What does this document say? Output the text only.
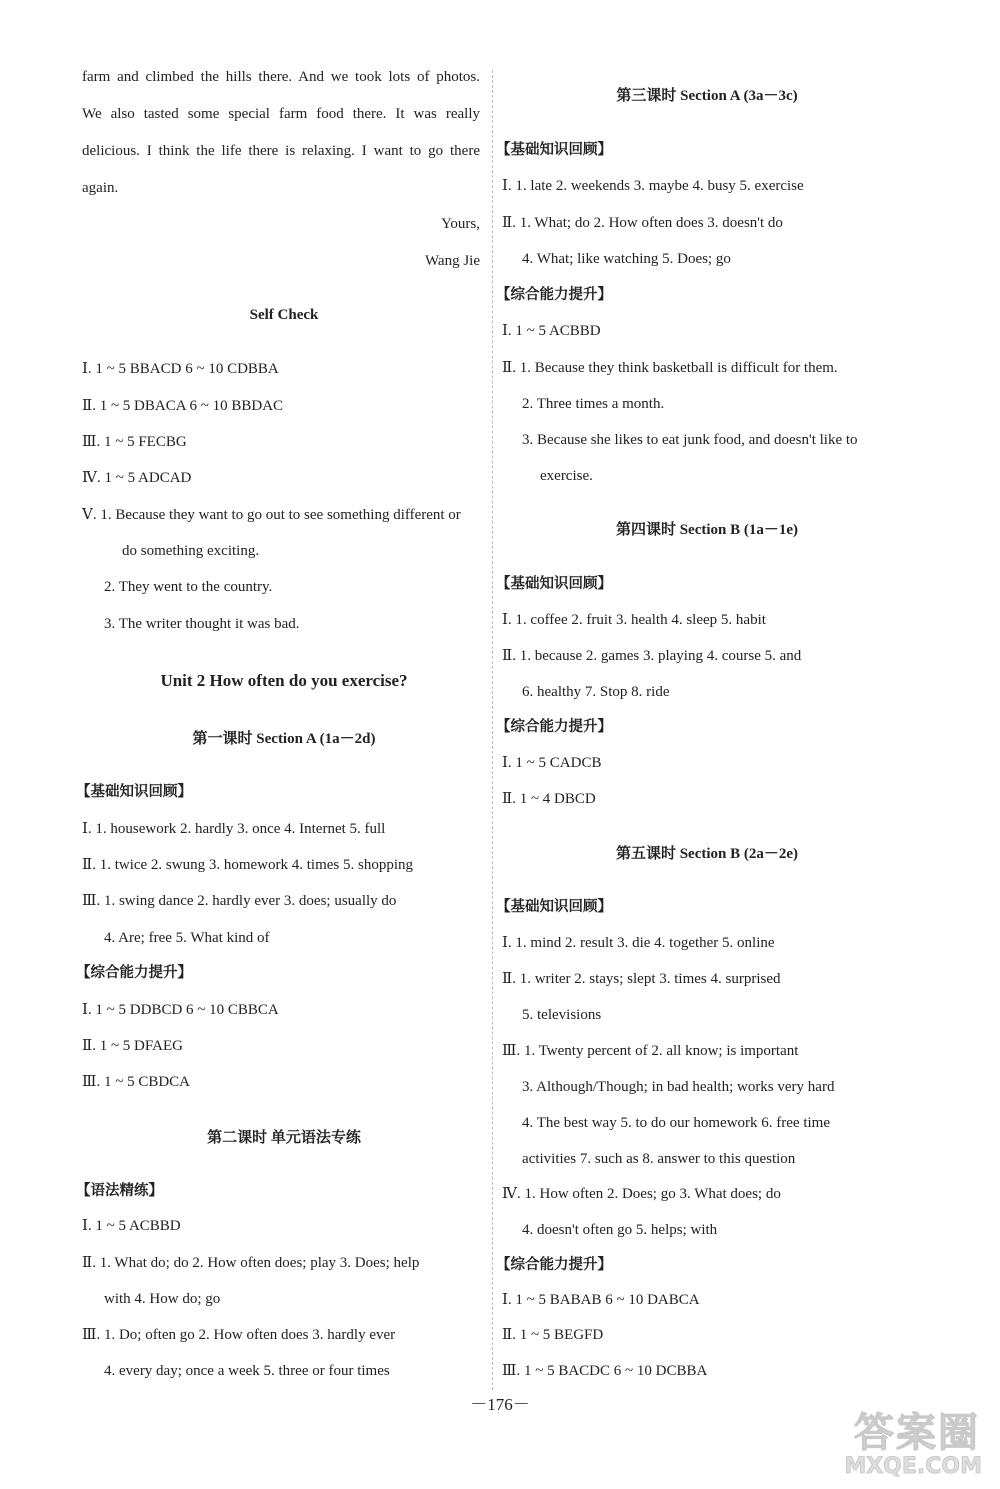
farm and climbed the hills there. And we took lots of photos.
We also tasted some special farm food there. It was really
delicious. I think the life there is relaxing. I want to go there
again.
Yours,
Wang Jie
Self Check
Ⅰ. 1 ~ 5 BBACD 6 ~ 10 CDBBA
Ⅱ. 1 ~ 5 DBACA 6 ~ 10 BBDAC
Ⅲ. 1 ~ 5 FECBG
Ⅳ. 1 ~ 5 ADCAD
Ⅴ. 1. Because they want to go out to see something different or
do something exciting.
2. They went to the country.
3. The writer thought it was bad.
Unit 2 How often do you exercise?
第一课时 Section A (1a－2d)
【基础知识回顾】
Ⅰ. 1. housework 2. hardly 3. once 4. Internet 5. full
Ⅱ. 1. twice 2. swung 3. homework 4. times 5. shopping
Ⅲ. 1. swing dance 2. hardly ever 3. does; usually do
4. Are; free 5. What kind of
【综合能力提升】
Ⅰ. 1 ~ 5 DDBCD 6 ~ 10 CBBCA
Ⅱ. 1 ~ 5 DFAEG
Ⅲ. 1 ~ 5 CBDCA
第二课时 单元语法专练
【语法精练】
Ⅰ. 1 ~ 5 ACBBD
Ⅱ. 1. What do; do 2. How often does; play 3. Does; help
with 4. How do; go
Ⅲ. 1. Do; often go 2. How often does 3. hardly ever
4. every day; once a week 5. three or four times
第三课时 Section A (3a－3c)
【基础知识回顾】
Ⅰ. 1. late 2. weekends 3. maybe 4. busy 5. exercise
Ⅱ. 1. What; do 2. How often does 3. doesn't do
4. What; like watching 5. Does; go
【综合能力提升】
Ⅰ. 1 ~ 5 ACBBD
Ⅱ. 1. Because they think basketball is difficult for them.
2. Three times a month.
3. Because she likes to eat junk food, and doesn't like to
exercise.
第四课时 Section B (1a－1e)
【基础知识回顾】
Ⅰ. 1. coffee 2. fruit 3. health 4. sleep 5. habit
Ⅱ. 1. because 2. games 3. playing 4. course 5. and
6. healthy 7. Stop 8. ride
【综合能力提升】
Ⅰ. 1 ~ 5 CADCB
Ⅱ. 1 ~ 4 DBCD
第五课时 Section B (2a－2e)
【基础知识回顾】
Ⅰ. 1. mind 2. result 3. die 4. together 5. online
Ⅱ. 1. writer 2. stays; slept 3. times 4. surprised
5. televisions
Ⅲ. 1. Twenty percent of 2. all know; is important
3. Although/Though; in bad health; works very hard
4. The best way 5. to do our homework 6. free time
activities 7. such as 8. answer to this question
Ⅳ. 1. How often 2. Does; go 3. What does; do
4. doesn't often go 5. helps; with
【综合能力提升】
Ⅰ. 1 ~ 5 BABAB 6 ~ 10 DABCA
Ⅱ. 1 ~ 5 BEGFD
Ⅲ. 1 ~ 5 BACDC 6 ~ 10 DCBBA
－176－
答案圈
MXQE.COM
